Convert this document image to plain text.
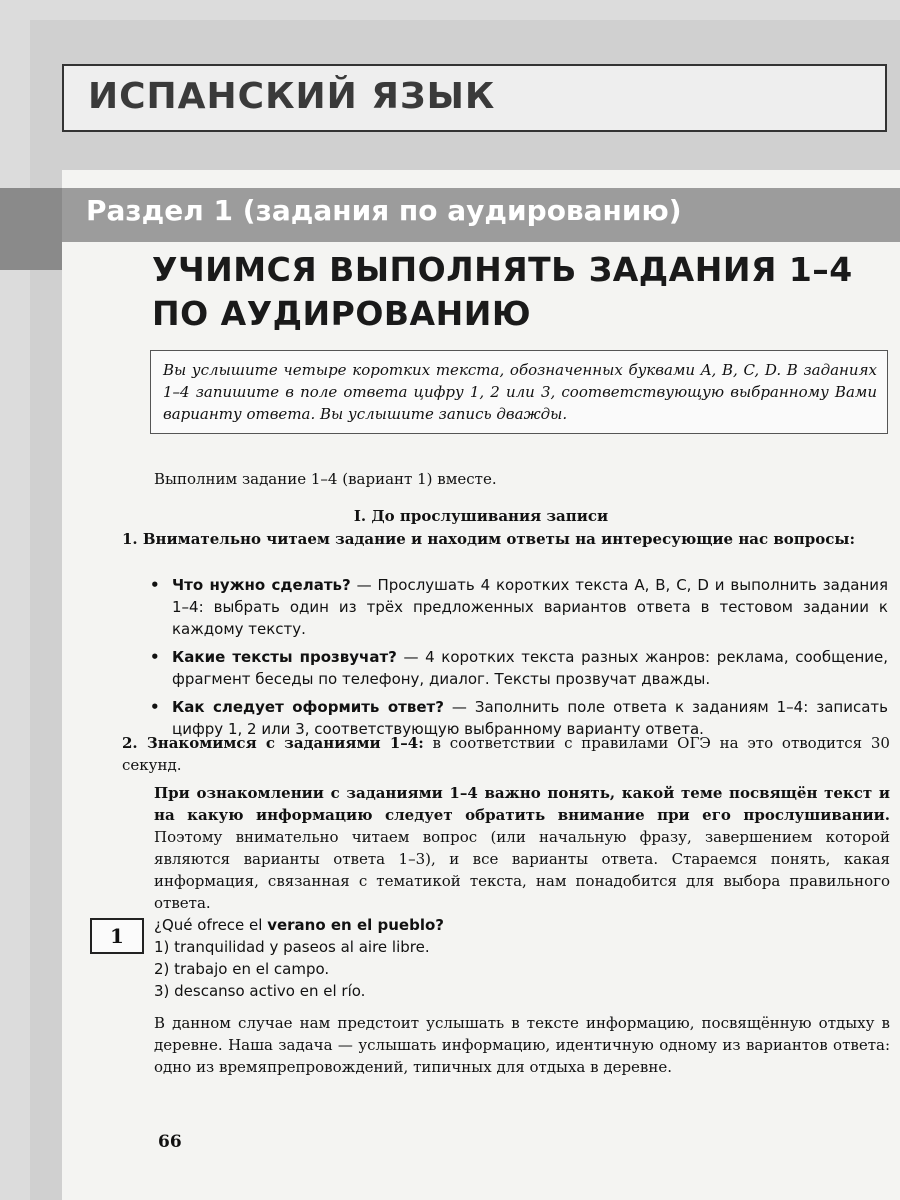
ИСПАНСКИЙ ЯЗЫК
Раздел 1 (задания по аудированию)
УЧИМСЯ ВЫПОЛНЯТЬ ЗАДАНИЯ 1–4 ПО АУДИРОВАНИЮ
Вы услышите четыре коротких текста, обозначенных буквами A, B, C, D. В заданиях 1–4 запишите в поле ответа цифру 1, 2 или 3, соответствующую выбранному Вами варианту ответа. Вы услышите запись дважды.
Выполним задание 1–4 (вариант 1) вместе.
I. До прослушивания записи
1. Внимательно читаем задание и находим ответы на интересующие нас вопросы:
• Что нужно сделать? — Прослушать 4 коротких текста A, B, C, D и выполнить задания 1–4: выбрать один из трёх предложенных вариантов ответа в тестовом задании к каждому тексту.
• Какие тексты прозвучат? — 4 коротких текста разных жанров: реклама, сообщение, фрагмент беседы по телефону, диалог. Тексты прозвучат дважды.
• Как следует оформить ответ? — Заполнить поле ответа к заданиям 1–4: записать цифру 1, 2 или 3, соответствующую выбранному варианту ответа.
2. Знакомимся с заданиями 1–4: в соответствии с правилами ОГЭ на это отводится 30 секунд.
При ознакомлении с заданиями 1–4 важно понять, какой теме посвящён текст и на какую информацию следует обратить внимание при его прослушивании. Поэтому внимательно читаем вопрос (или начальную фразу, завершением которой являются варианты ответа 1–3), и все варианты ответа. Стараемся понять, какая информация, связанная с тематикой текста, нам понадобится для выбора правильного ответа.
1	¿Qué ofrece el verano en el pueblo?
1) tranquilidad y paseos al aire libre.
2) trabajo en el campo.
3) descanso activo en el río.
В данном случае нам предстоит услышать в тексте информацию, посвящённую отдыху в деревне. Наша задача — услышать информацию, идентичную одному из вариантов ответа: одно из времяпрепровождений, типичных для отдыха в деревне.
66
